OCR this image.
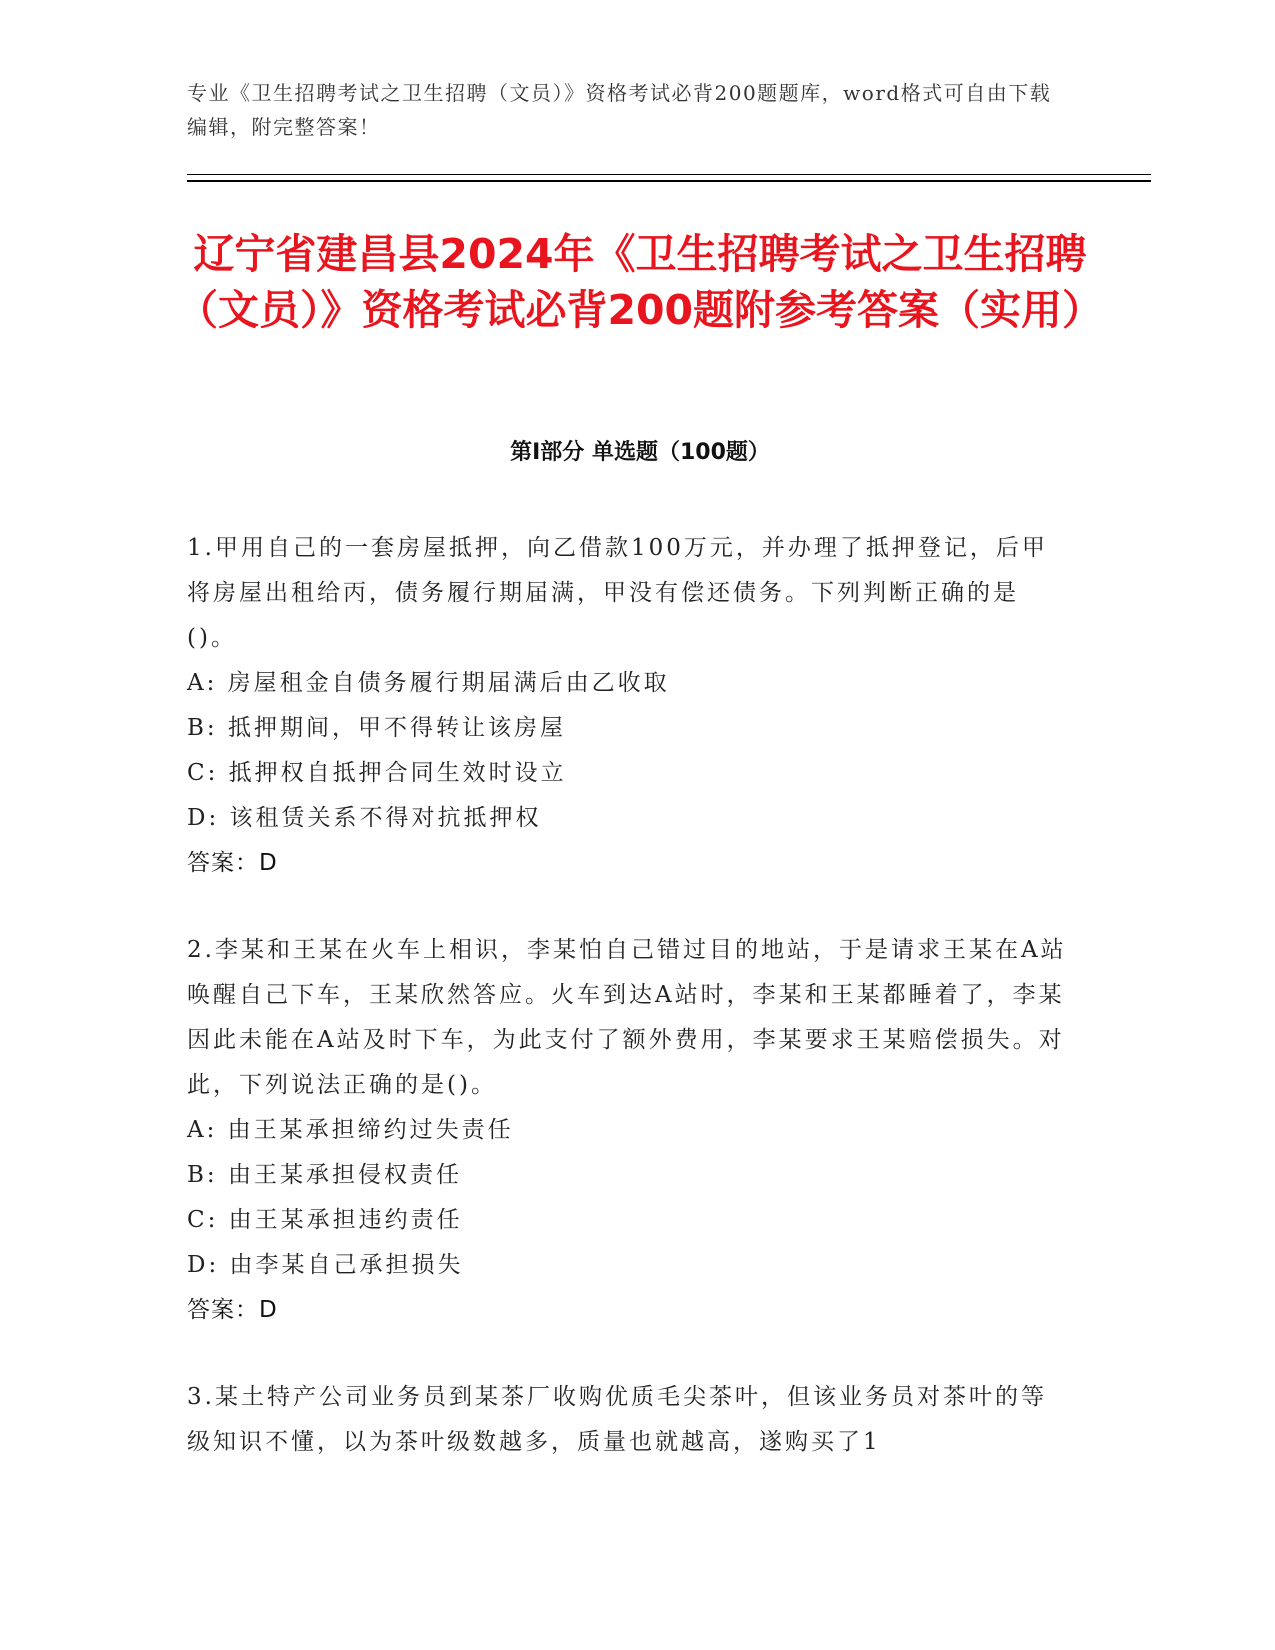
专业《卫生招聘考试之卫生招聘（文员）》资格考试必背200题题库，word格式可自由下载编辑，附完整答案！
辽宁省建昌县2024年《卫生招聘考试之卫生招聘（文员）》资格考试必背200题附参考答案（实用）
第I部分 单选题（100题）
1.甲用自己的一套房屋抵押，向乙借款100万元，并办理了抵押登记，后甲将房屋出租给丙，债务履行期届满，甲没有偿还债务。下列判断正确的是()。
A: 房屋租金自债务履行期届满后由乙收取
B: 抵押期间，甲不得转让该房屋
C: 抵押权自抵押合同生效时设立
D: 该租赁关系不得对抗抵押权
答案：D
2.李某和王某在火车上相识，李某怕自己错过目的地站，于是请求王某在A站唤醒自己下车，王某欣然答应。火车到达A站时，李某和王某都睡着了，李某因此未能在A站及时下车，为此支付了额外费用，李某要求王某赔偿损失。对此，下列说法正确的是()。
A: 由王某承担缔约过失责任
B: 由王某承担侵权责任
C: 由王某承担违约责任
D: 由李某自己承担损失
答案：D
3.某土特产公司业务员到某茶厂收购优质毛尖茶叶，但该业务员对茶叶的等级知识不懂，以为茶叶级数越多，质量也就越高，遂购买了1
